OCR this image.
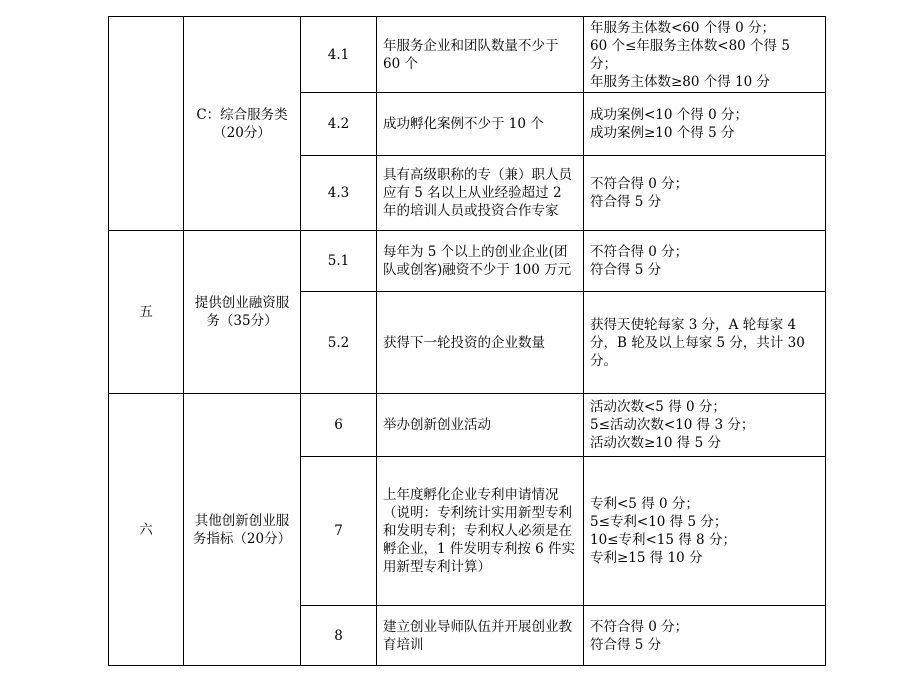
	C：综合服务类（20分）	4.1	年服务企业和团队数量不少于 60 个	年服务主体数<60 个得 0 分；
60 个≤年服务主体数<80 个得 5 分；
年服务主体数≥80 个得 10 分

		4.2	成功孵化案例不少于 10 个	成功案例<10 个得 0 分；
成功案例≥10 个得 5 分

		4.3	具有高级职称的专（兼）职人员应有 5 名以上从业经验超过 2 年的培训人员或投资合作专家	不符合得 0 分；
符合得 5 分

五	提供创业融资服务（35分）	5.1	每年为 5 个以上的创业企业(团队或创客)融资不少于 100 万元	不符合得 0 分；
符合得 5 分

		5.2	获得下一轮投资的企业数量	获得天使轮每家 3 分，A 轮每家 4 分，B 轮及以上每家 5 分，共计 30 分。

六	其他创新创业服务指标（20分）	6	举办创新创业活动	活动次数<5 得 0 分；
5≤活动次数<10 得 3 分；
活动次数≥10 得 5 分

		7	上年度孵化企业专利申请情况（说明：专利统计实用新型专利和发明专利；专利权人必须是在孵企业，1 件发明专利按 6 件实用新型专利计算）	专利<5 得 0 分；
5≤专利<10 得 5 分；
10≤专利<15 得 8 分；
专利≥15 得 10 分

		8	建立创业导师队伍并开展创业教育培训	不符合得 0 分；
符合得 5 分
